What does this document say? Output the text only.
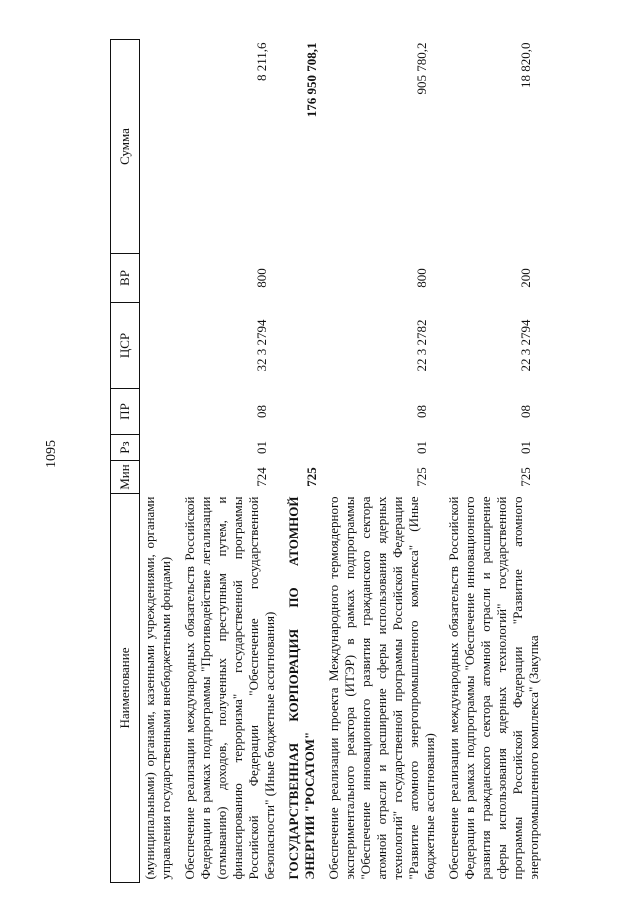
1095
Наименование	Мин	Рз	ПР	ЦСР	ВР	Сумма
(муниципальными) органами, казенными учреждениями, органами управления государственными внебюджетными фондами)						
Обеспечение реализации международных обязательств Российской Федерации в рамках подпрограммы "Противодействие легализации (отмыванию) доходов, полученных преступным путем, и финансированию терроризма" государственной программы Российской Федерации "Обеспечение государственной безопасности" (Иные бюджетные ассигнования)	724	01	08	32 3 2794	800	8 211,6
ГОСУДАРСТВЕННАЯ КОРПОРАЦИЯ ПО АТОМНОЙ ЭНЕРГИИ "РОСАТОМ"	725					176 950 708,1
Обеспечение реализации проекта Международного термоядерного экспериментального реактора (ИТЭР) в рамках подпрограммы "Обеспечение инновационного развития гражданского сектора атомной отрасли и расширение сферы использования ядерных технологий" государственной программы Российской Федерации "Развитие атомного энергопромышленного комплекса" (Иные бюджетные ассигнования)	725	01	08	22 3 2782	800	905 780,2
Обеспечение реализации международных обязательств Российской Федерации в рамках подпрограммы "Обеспечение инновационного развития гражданского сектора атомной отрасли и расширение сферы использования ядерных технологий" государственной программы Российской Федерации "Развитие атомного энергопромышленного комплекса" (Закупка	725	01	08	22 3 2794	200	18 820,0
